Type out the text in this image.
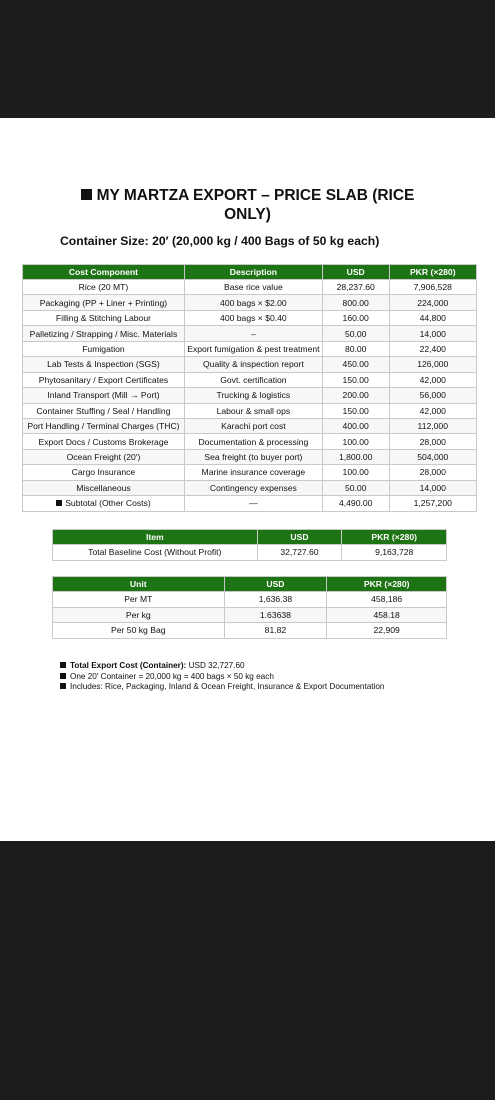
MY MARTZA EXPORT – PRICE SLAB (RICE ONLY)
Container Size: 20′ (20,000 kg / 400 Bags of 50 kg each)
Cost Component	Description	USD	PKR (×280)
Rice (20 MT)	Base rice value	28,237.60	7,906,528
Packaging (PP + Liner + Printing)	400 bags × $2.00	800.00	224,000
Filling & Stitching Labour	400 bags × $0.40	160.00	44,800
Palletizing / Strapping / Misc. Materials	–	50.00	14,000
Fumigation	Export fumigation & pest treatment	80.00	22,400
Lab Tests & Inspection (SGS)	Quality & inspection report	450.00	126,000
Phytosanitary / Export Certificates	Govt. certification	150.00	42,000
Inland Transport (Mill → Port)	Trucking & logistics	200.00	56,000
Container Stuffing / Seal / Handling	Labour & small ops	150.00	42,000
Port Handling / Terminal Charges (THC)	Karachi port cost	400.00	112,000
Export Docs / Customs Brokerage	Documentation & processing	100.00	28,000
Ocean Freight (20′)	Sea freight (to buyer port)	1,800.00	504,000
Cargo Insurance	Marine insurance coverage	100.00	28,000
Miscellaneous	Contingency expenses	50.00	14,000
Subtotal (Other Costs)	—	4,490.00	1,257,200
Item	USD	PKR (×280)
Total Baseline Cost (Without Profit)	32,727.60	9,163,728
Unit	USD	PKR (×280)
Per MT	1,636.38	458,186
Per kg	1.63638	458.18
Per 50 kg Bag	81.82	22,909
Total Export Cost (Container): USD 32,727.60
One 20′ Container = 20,000 kg = 400 bags × 50 kg each
Includes: Rice, Packaging, Inland & Ocean Freight, Insurance & Export Documentation
